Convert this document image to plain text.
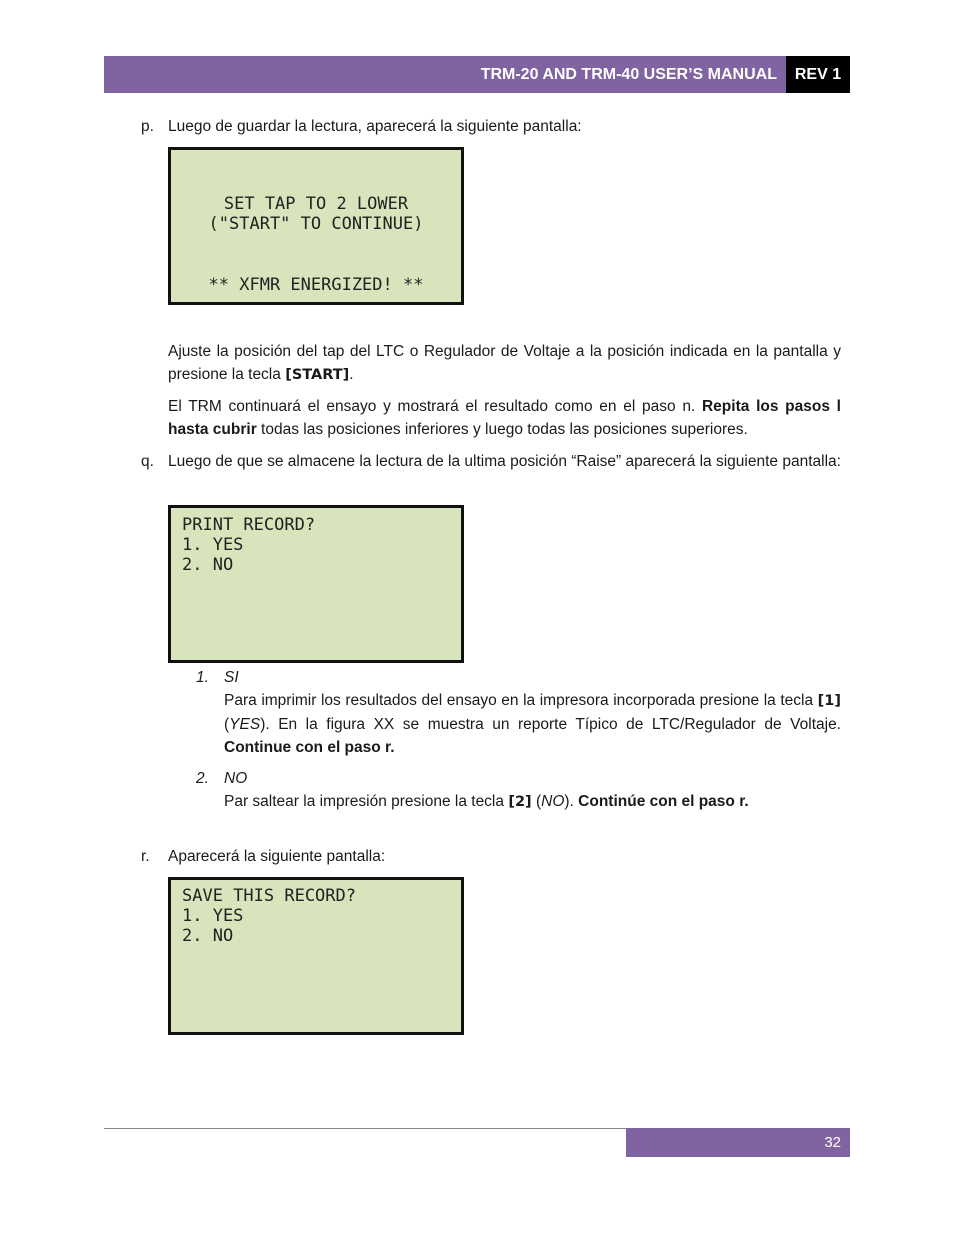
TRM-20 AND TRM-40 USER’S MANUAL REV 1
p. Luego de guardar la lectura, aparecerá la siguiente pantalla:
SET TAP TO 2 LOWER
("START" TO CONTINUE)
** XFMR ENERGIZED! **
Ajuste la posición del tap del LTC o Regulador de Voltaje a la posición indicada en la pantalla y presione la tecla [START].
El TRM continuará el ensayo y mostrará el resultado como en el paso n. Repita los pasos l hasta cubrir todas las posiciones inferiores y luego todas las posiciones superiores.
q. Luego de que se almacene la lectura de la ultima posición “Raise” aparecerá la siguiente pantalla:
PRINT RECORD?
1. YES
2. NO
1. SI
Para imprimir los resultados del ensayo en la impresora incorporada presione la tecla [1] (YES). En la figura XX se muestra un reporte Típico de LTC/Regulador de Voltaje. Continue con el paso r.
2. NO
Par saltear la impresión presione la tecla [2] (NO). Continúe con el paso r.
r. Aparecerá la siguiente pantalla:
SAVE THIS RECORD?
1. YES
2. NO
32
